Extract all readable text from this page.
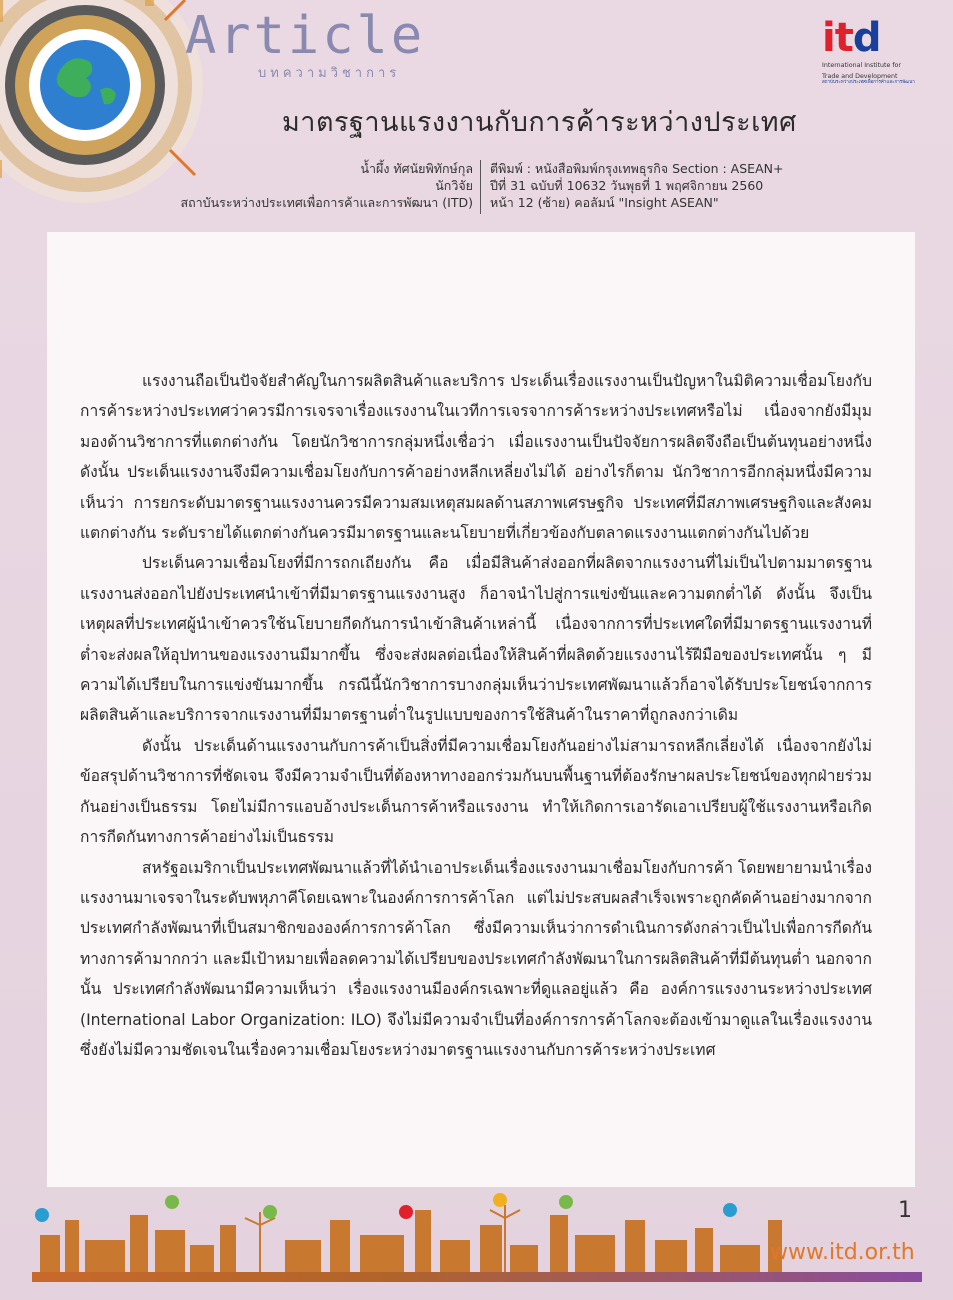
Article
บทความวิชาการ
มาตรฐานแรงงานกับการค้าระหว่างประเทศ
itd
International Institute for
Trade and Development
สถาบันระหว่างประเทศเพื่อการค้าและการพัฒนา
น้ำผึ้ง ทัศนัยพิทักษ์กุล
นักวิจัย
สถาบันระหว่างประเทศเพื่อการค้าและการพัฒนา (ITD)
ตีพิมพ์ : หนังสือพิมพ์กรุงเทพธุรกิจ Section : ASEAN+
ปีที่ 31 ฉบับที่ 10632 วันพุธที่ 1 พฤศจิกายน 2560
หน้า 12 (ซ้าย) คอลัมน์ "Insight ASEAN"

แรงงานถือเป็นปัจจัยสำคัญในการผลิตสินค้าและบริการ ประเด็นเรื่องแรงงานเป็นปัญหาในมิติความเชื่อมโยงกับการค้าระหว่างประเทศว่าควรมีการเจรจาเรื่องแรงงานในเวทีการเจรจาการค้าระหว่างประเทศหรือไม่ เนื่องจากยังมีมุมมองด้านวิชาการที่แตกต่างกัน โดยนักวิชาการกลุ่มหนึ่งเชื่อว่า เมื่อแรงงานเป็นปัจจัยการผลิตจึงถือเป็นต้นทุนอย่างหนึ่ง ดังนั้น ประเด็นแรงงานจึงมีความเชื่อมโยงกับการค้าอย่างหลีกเหลี่ยงไม่ได้ อย่างไรก็ตาม นักวิชาการอีกกลุ่มหนึ่งมีความเห็นว่า การยกระดับมาตรฐานแรงงานควรมีความสมเหตุสมผลด้านสภาพเศรษฐกิจ ประเทศที่มีสภาพเศรษฐกิจและสังคมแตกต่างกัน ระดับรายได้แตกต่างกันควรมีมาตรฐานและนโยบายที่เกี่ยวข้องกับตลาดแรงงานแตกต่างกันไปด้วย

ประเด็นความเชื่อมโยงที่มีการถกเถียงกัน คือ เมื่อมีสินค้าส่งออกที่ผลิตจากแรงงานที่ไม่เป็นไปตามมาตรฐานแรงงานส่งออกไปยังประเทศนำเข้าที่มีมาตรฐานแรงงานสูง ก็อาจนำไปสู่การแข่งขันและความตกต่ำได้ ดังนั้น จึงเป็นเหตุผลที่ประเทศผู้นำเข้าควรใช้นโยบายกีดกันการนำเข้าสินค้าเหล่านี้ เนื่องจากการที่ประเทศใดที่มีมาตรฐานแรงงานที่ต่ำจะส่งผลให้อุปทานของแรงงานมีมากขึ้น ซึ่งจะส่งผลต่อเนื่องให้สินค้าที่ผลิตด้วยแรงงานไร้ฝีมือของประเทศนั้น ๆ มีความได้เปรียบในการแข่งขันมากขึ้น กรณีนี้นักวิชาการบางกลุ่มเห็นว่าประเทศพัฒนาแล้วก็อาจได้รับประโยชน์จากการผลิตสินค้าและบริการจากแรงงานที่มีมาตรฐานต่ำในรูปแบบของการใช้สินค้าในราคาที่ถูกลงกว่าเดิม

ดังนั้น ประเด็นด้านแรงงานกับการค้าเป็นสิ่งที่มีความเชื่อมโยงกันอย่างไม่สามารถหลีกเลี่ยงได้ เนื่องจากยังไม่ข้อสรุปด้านวิชาการที่ชัดเจน จึงมีความจำเป็นที่ต้องหาทางออกร่วมกันบนพื้นฐานที่ต้องรักษาผลประโยชน์ของทุกฝ่ายร่วมกันอย่างเป็นธรรม โดยไม่มีการแอบอ้างประเด็นการค้าหรือแรงงาน ทำให้เกิดการเอารัดเอาเปรียบผู้ใช้แรงงานหรือเกิดการกีดกันทางการค้าอย่างไม่เป็นธรรม

สหรัฐอเมริกาเป็นประเทศพัฒนาแล้วที่ได้นำเอาประเด็นเรื่องแรงงานมาเชื่อมโยงกับการค้า โดยพยายามนำเรื่องแรงงานมาเจรจาในระดับพหุภาคีโดยเฉพาะในองค์การการค้าโลก แต่ไม่ประสบผลสำเร็จเพราะถูกคัดค้านอย่างมากจากประเทศกำลังพัฒนาที่เป็นสมาชิกขององค์การการค้าโลก ซึ่งมีความเห็นว่าการดำเนินการดังกล่าวเป็นไปเพื่อการกีดกันทางการค้ามากกว่า และมีเป้าหมายเพื่อลดความได้เปรียบของประเทศกำลังพัฒนาในการผลิตสินค้าที่มีต้นทุนต่ำ นอกจากนั้น ประเทศกำลังพัฒนามีความเห็นว่า เรื่องแรงงานมีองค์กรเฉพาะที่ดูแลอยู่แล้ว คือ องค์การแรงงานระหว่างประเทศ (International Labor Organization: ILO) จึงไม่มีความจำเป็นที่องค์การการค้าโลกจะต้องเข้ามาดูแลในเรื่องแรงงานซึ่งยังไม่มีความชัดเจนในเรื่องความเชื่อมโยงระหว่างมาตรฐานแรงงานกับการค้าระหว่างประเทศ

1
www.itd.or.th
